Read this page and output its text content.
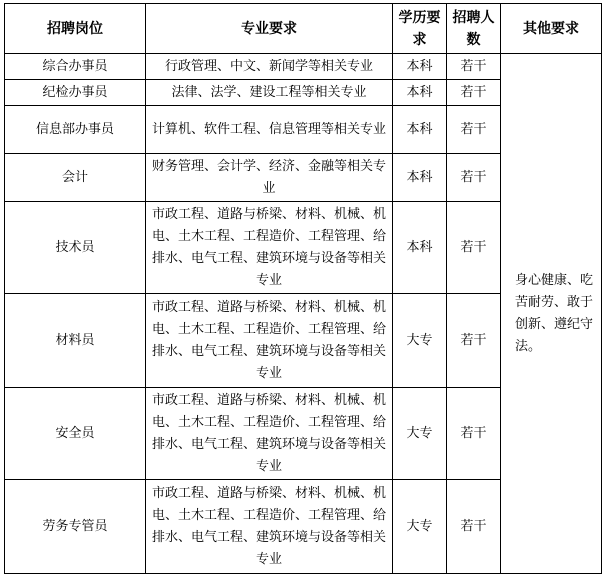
招聘岗位	专业要求	学历要求	招聘人数	其他要求
综合办事员	行政管理、中文、新闻学等相关专业	本科	若干	身心健康、吃苦耐劳、敢于创新、遵纪守法。
纪检办事员	法律、法学、建设工程等相关专业	本科	若干	
信息部办事员	计算机、软件工程、信息管理等相关专业	本科	若干	
会计	财务管理、会计学、经济、金融等相关专业	本科	若干	
技术员	市政工程、道路与桥梁、材料、机械、机电、土木工程、工程造价、工程管理、给排水、电气工程、建筑环境与设备等相关专业	本科	若干	
材料员	市政工程、道路与桥梁、材料、机械、机电、土木工程、工程造价、工程管理、给排水、电气工程、建筑环境与设备等相关专业	大专	若干	
安全员	市政工程、道路与桥梁、材料、机械、机电、土木工程、工程造价、工程管理、给排水、电气工程、建筑环境与设备等相关专业	大专	若干	
劳务专管员	市政工程、道路与桥梁、材料、机械、机电、土木工程、工程造价、工程管理、给排水、电气工程、建筑环境与设备等相关专业	大专	若干	
